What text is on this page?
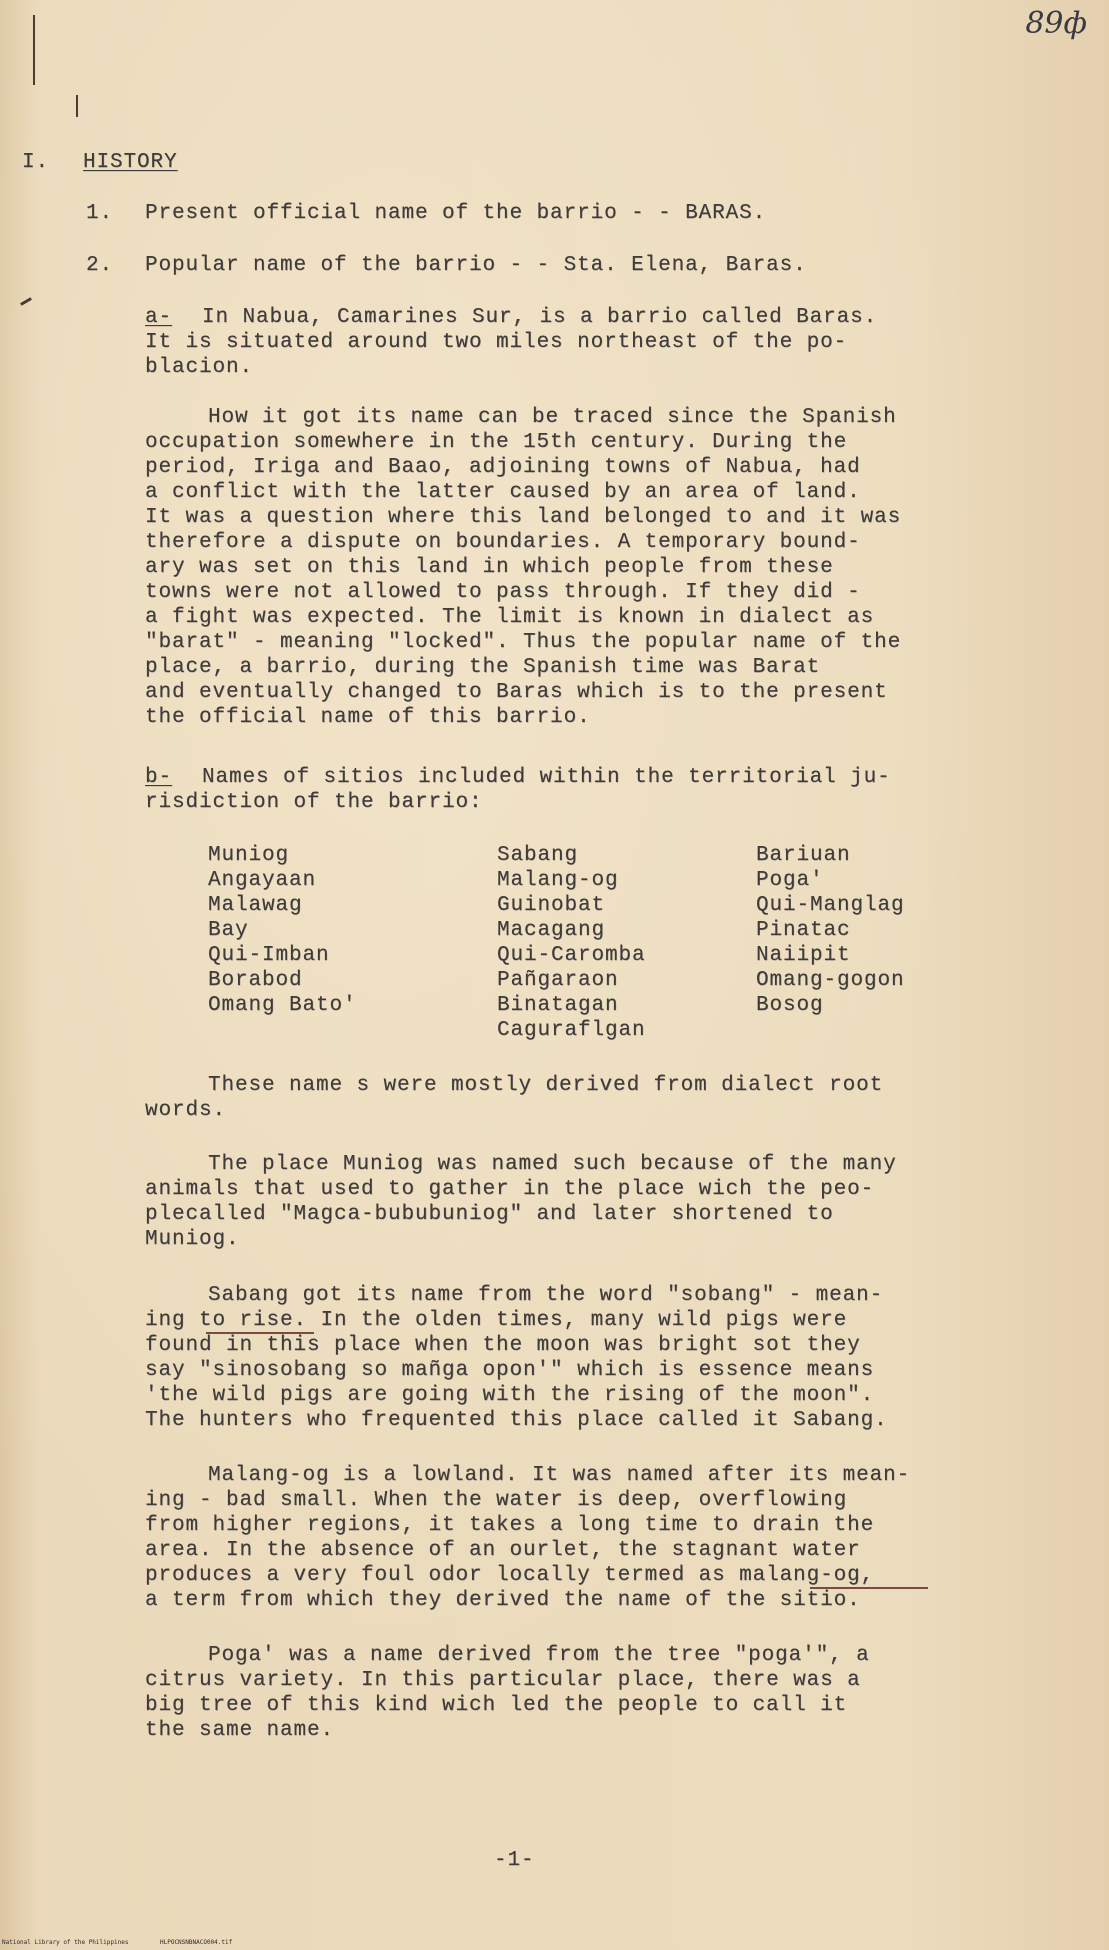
89ф
I. HISTORY
1. Present official name of the barrio - - BARAS.
2. Popular name of the barrio - - Sta. Elena, Baras.
a- In Nabua, Camarines Sur, is a barrio called Baras.
It is situated around two miles northeast of the po-
blacion.
How it got its name can be traced since the Spanish
occupation somewhere in the 15th century. During the
period, Iriga and Baao, adjoining towns of Nabua, had
a conflict with the latter caused by an area of land.
It was a question where this land belonged to and it was
therefore a dispute on boundaries. A temporary bound-
ary was set on this land in which people from these
towns were not allowed to pass through. If they did -
a fight was expected. The limit is known in dialect as
"barat" - meaning "locked". Thus the popular name of the
place, a barrio, during the Spanish time was Barat
and eventually changed to Baras which is to the present
the official name of this barrio.
b- Names of sitios included within the territorial ju-
risdiction of the barrio:
Muniog
Angayaan
Malawag
Bay
Qui-Imban
Borabod
Omang Bato'
Sabang
Malang-og
Guinobat
Macagang
Qui-Caromba
Pañgaraon
Binatagan
Caguraflgan
Bariuan
Poga'
Qui-Manglag
Pinatac
Naiipit
Omang-gogon
Bosog
These name s were mostly derived from dialect root
words.
The place Muniog was named such because of the many
animals that used to gather in the place wich the peo-
plecalled "Magca-bububuniog" and later shortened to
Muniog.
Sabang got its name from the word "sobang" - mean-
ing to rise. In the olden times, many wild pigs were
found in this place when the moon was bright sot they
say "sinosobang so mañga opon'" which is essence means
'the wild pigs are going with the rising of the moon".
The hunters who frequented this place called it Sabang.
Malang-og is a lowland. It was named after its mean-
ing - bad small. When the water is deep, overflowing
from higher regions, it takes a long time to drain the
area. In the absence of an ourlet, the stagnant water
produces a very foul odor locally termed as malang-og,
a term from which they derived the name of the sitio.
Poga' was a name derived from the tree "poga'", a
citrus variety. In this particular place, there was a
big tree of this kind wich led the people to call it
the same name.
-1-
National Library of the Philippines	HLPOCNSNBNACO004.tif
